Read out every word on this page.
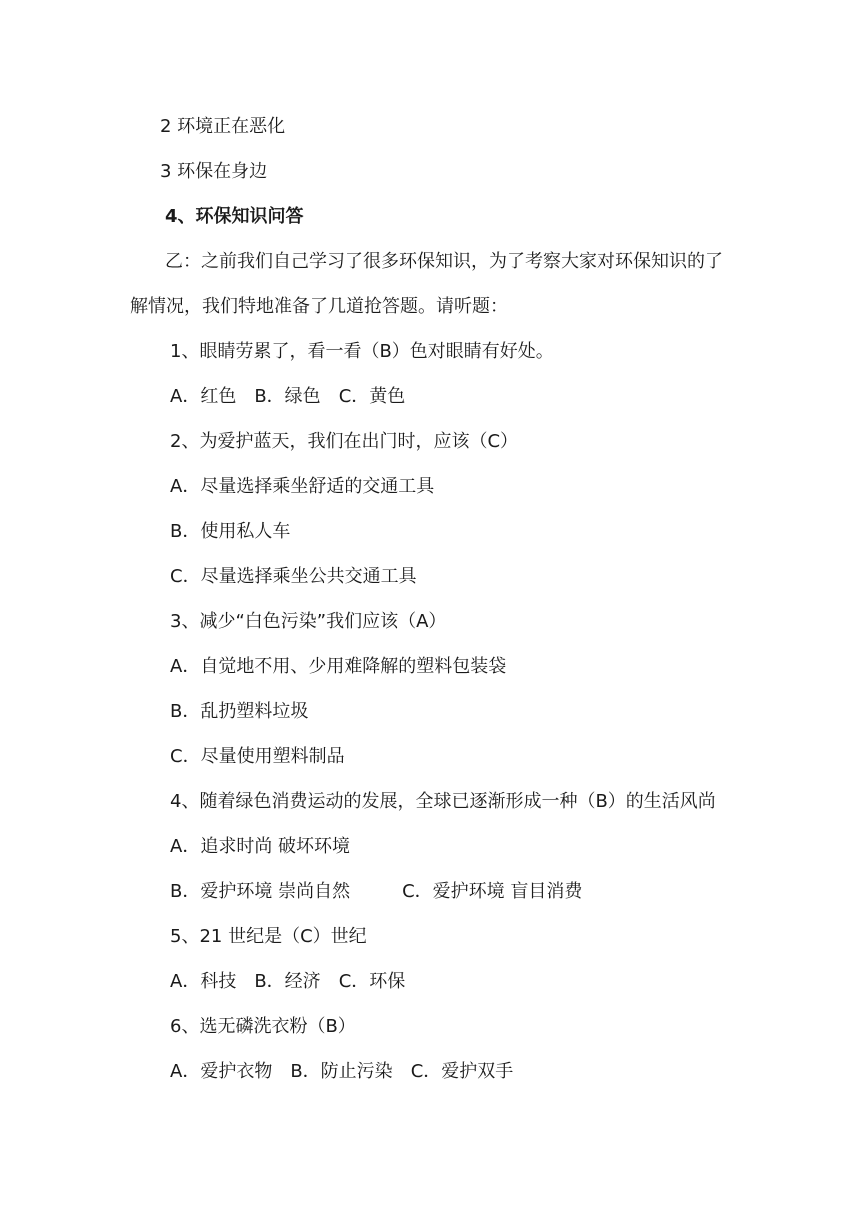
2 环境正在恶化
3 环保在身边
4、环保知识问答
乙：之前我们自己学习了很多环保知识，为了考察大家对环保知识的了
解情况，我们特地准备了几道抢答题。请听题：
1、眼睛劳累了，看一看（B）色对眼睛有好处。
A．红色 B．绿色 C．黄色
2、为爱护蓝天，我们在出门时，应该（C）
A．尽量选择乘坐舒适的交通工具
B．使用私人车
C．尽量选择乘坐公共交通工具
3、减少“白色污染”我们应该（A）
A．自觉地不用、少用难降解的塑料包装袋
B．乱扔塑料垃圾
C．尽量使用塑料制品
4、随着绿色消费运动的发展，全球已逐渐形成一种（B）的生活风尚
A．追求时尚 破坏环境
B．爱护环境 崇尚自然	C．爱护环境 盲目消费
5、21 世纪是（C）世纪
A．科技 B．经济 C．环保
6、选无磷洗衣粉（B）
A．爱护衣物 B．防止污染 C．爱护双手
